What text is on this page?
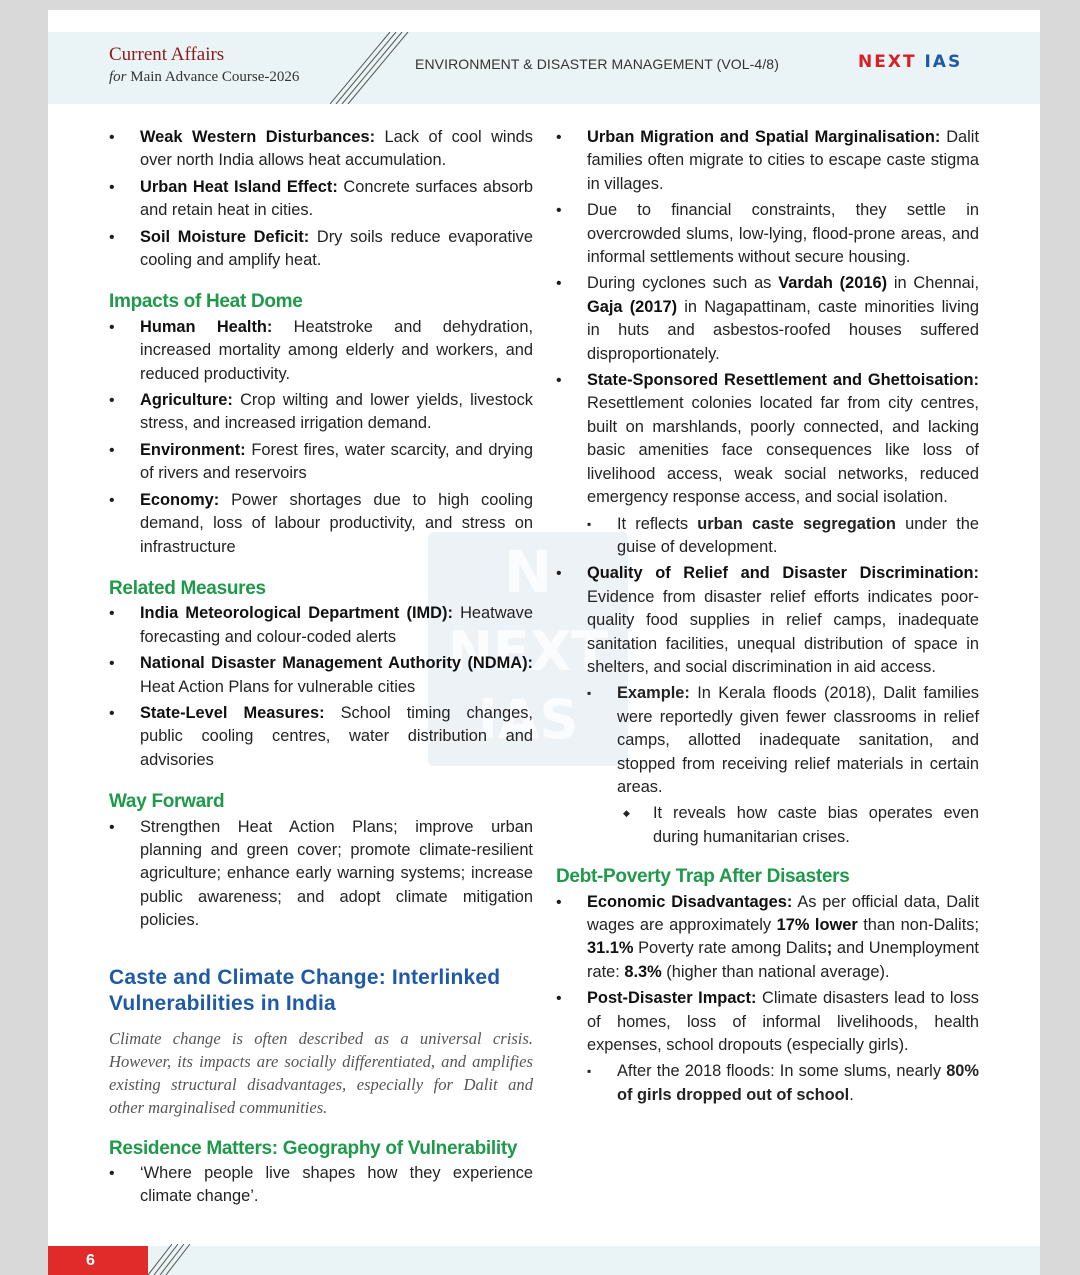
Current Affairs
for Main Advance Course-2026
ENVIRONMENT & DISASTER MANAGEMENT (VOL-4/8)	NEXT IAS
N
NEXT
IAS
• Weak Western Disturbances: Lack of cool winds over north India allows heat accumulation.
• Urban Heat Island Effect: Concrete surfaces absorb and retain heat in cities.
• Soil Moisture Deficit: Dry soils reduce evaporative cooling and amplify heat.
Impacts of Heat Dome
• Human Health: Heatstroke and dehydration, increased mortality among elderly and workers, and reduced productivity.
• Agriculture: Crop wilting and lower yields, livestock stress, and increased irrigation demand.
• Environment: Forest fires, water scarcity, and drying of rivers and reservoirs
• Economy: Power shortages due to high cooling demand, loss of labour productivity, and stress on infrastructure
Related Measures
• India Meteorological Department (IMD): Heatwave forecasting and colour-coded alerts
• National Disaster Management Authority (NDMA): Heat Action Plans for vulnerable cities
• State-Level Measures: School timing changes, public cooling centres, water distribution and advisories
Way Forward
• Strengthen Heat Action Plans; improve urban planning and green cover; promote climate-resilient agriculture; enhance early warning systems; increase public awareness; and adopt climate mitigation policies.
Caste and Climate Change: Interlinked Vulnerabilities in India
Climate change is often described as a universal crisis. However, its impacts are socially differentiated, and amplifies existing structural disadvantages, especially for Dalit and other marginalised communities.
Residence Matters: Geography of Vulnerability
• ‘Where people live shapes how they experience climate change’.
• Urban Migration and Spatial Marginalisation: Dalit families often migrate to cities to escape caste stigma in villages.
• Due to financial constraints, they settle in overcrowded slums, low-lying, flood-prone areas, and informal settlements without secure housing.
• During cyclones such as Vardah (2016) in Chennai, Gaja (2017) in Nagapattinam, caste minorities living in huts and asbestos-roofed houses suffered disproportionately.
• State-Sponsored Resettlement and Ghettoisation: Resettlement colonies located far from city centres, built on marshlands, poorly connected, and lacking basic amenities face consequences like loss of livelihood access, weak social networks, reduced emergency response access, and social isolation.
▪ It reflects urban caste segregation under the guise of development.
• Quality of Relief and Disaster Discrimination: Evidence from disaster relief efforts indicates poor-quality food supplies in relief camps, inadequate sanitation facilities, unequal distribution of space in shelters, and social discrimination in aid access.
▪ Example: In Kerala floods (2018), Dalit families were reportedly given fewer classrooms in relief camps, allotted inadequate sanitation, and stopped from receiving relief materials in certain areas.
◆ It reveals how caste bias operates even during humanitarian crises.
Debt-Poverty Trap After Disasters
• Economic Disadvantages: As per official data, Dalit wages are approximately 17% lower than non-Dalits; 31.1% Poverty rate among Dalits; and Unemployment rate: 8.3% (higher than national average).
• Post-Disaster Impact: Climate disasters lead to loss of homes, loss of informal livelihoods, health expenses, school dropouts (especially girls).
▪ After the 2018 floods: In some slums, nearly 80% of girls dropped out of school.
6
